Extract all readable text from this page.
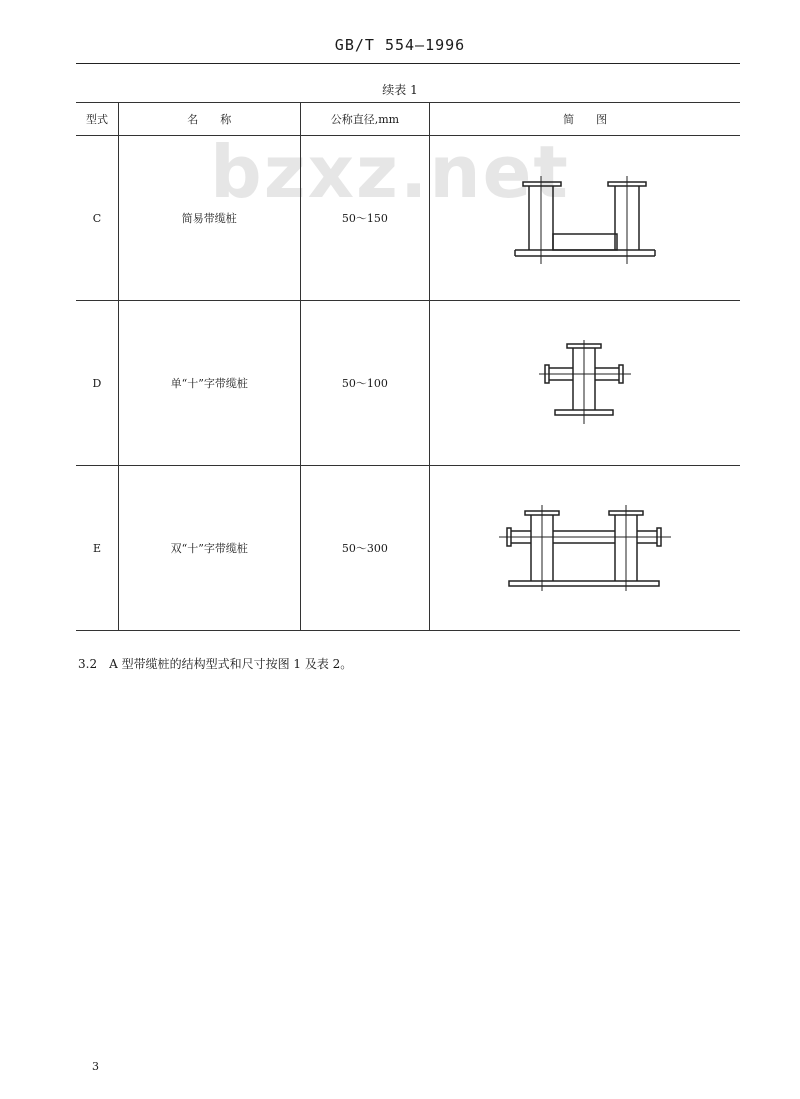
GB/T 554—1996
bzxz.net
续表 1
型式	名　　称	公称直径,mm	简　　图
C	简易带缆桩	50～150	

D	单“十”字带缆桩	50～100	

E	双“十”字带缆桩	50～300	
3.2　A 型带缆桩的结构型式和尺寸按图 1 及表 2。
3
